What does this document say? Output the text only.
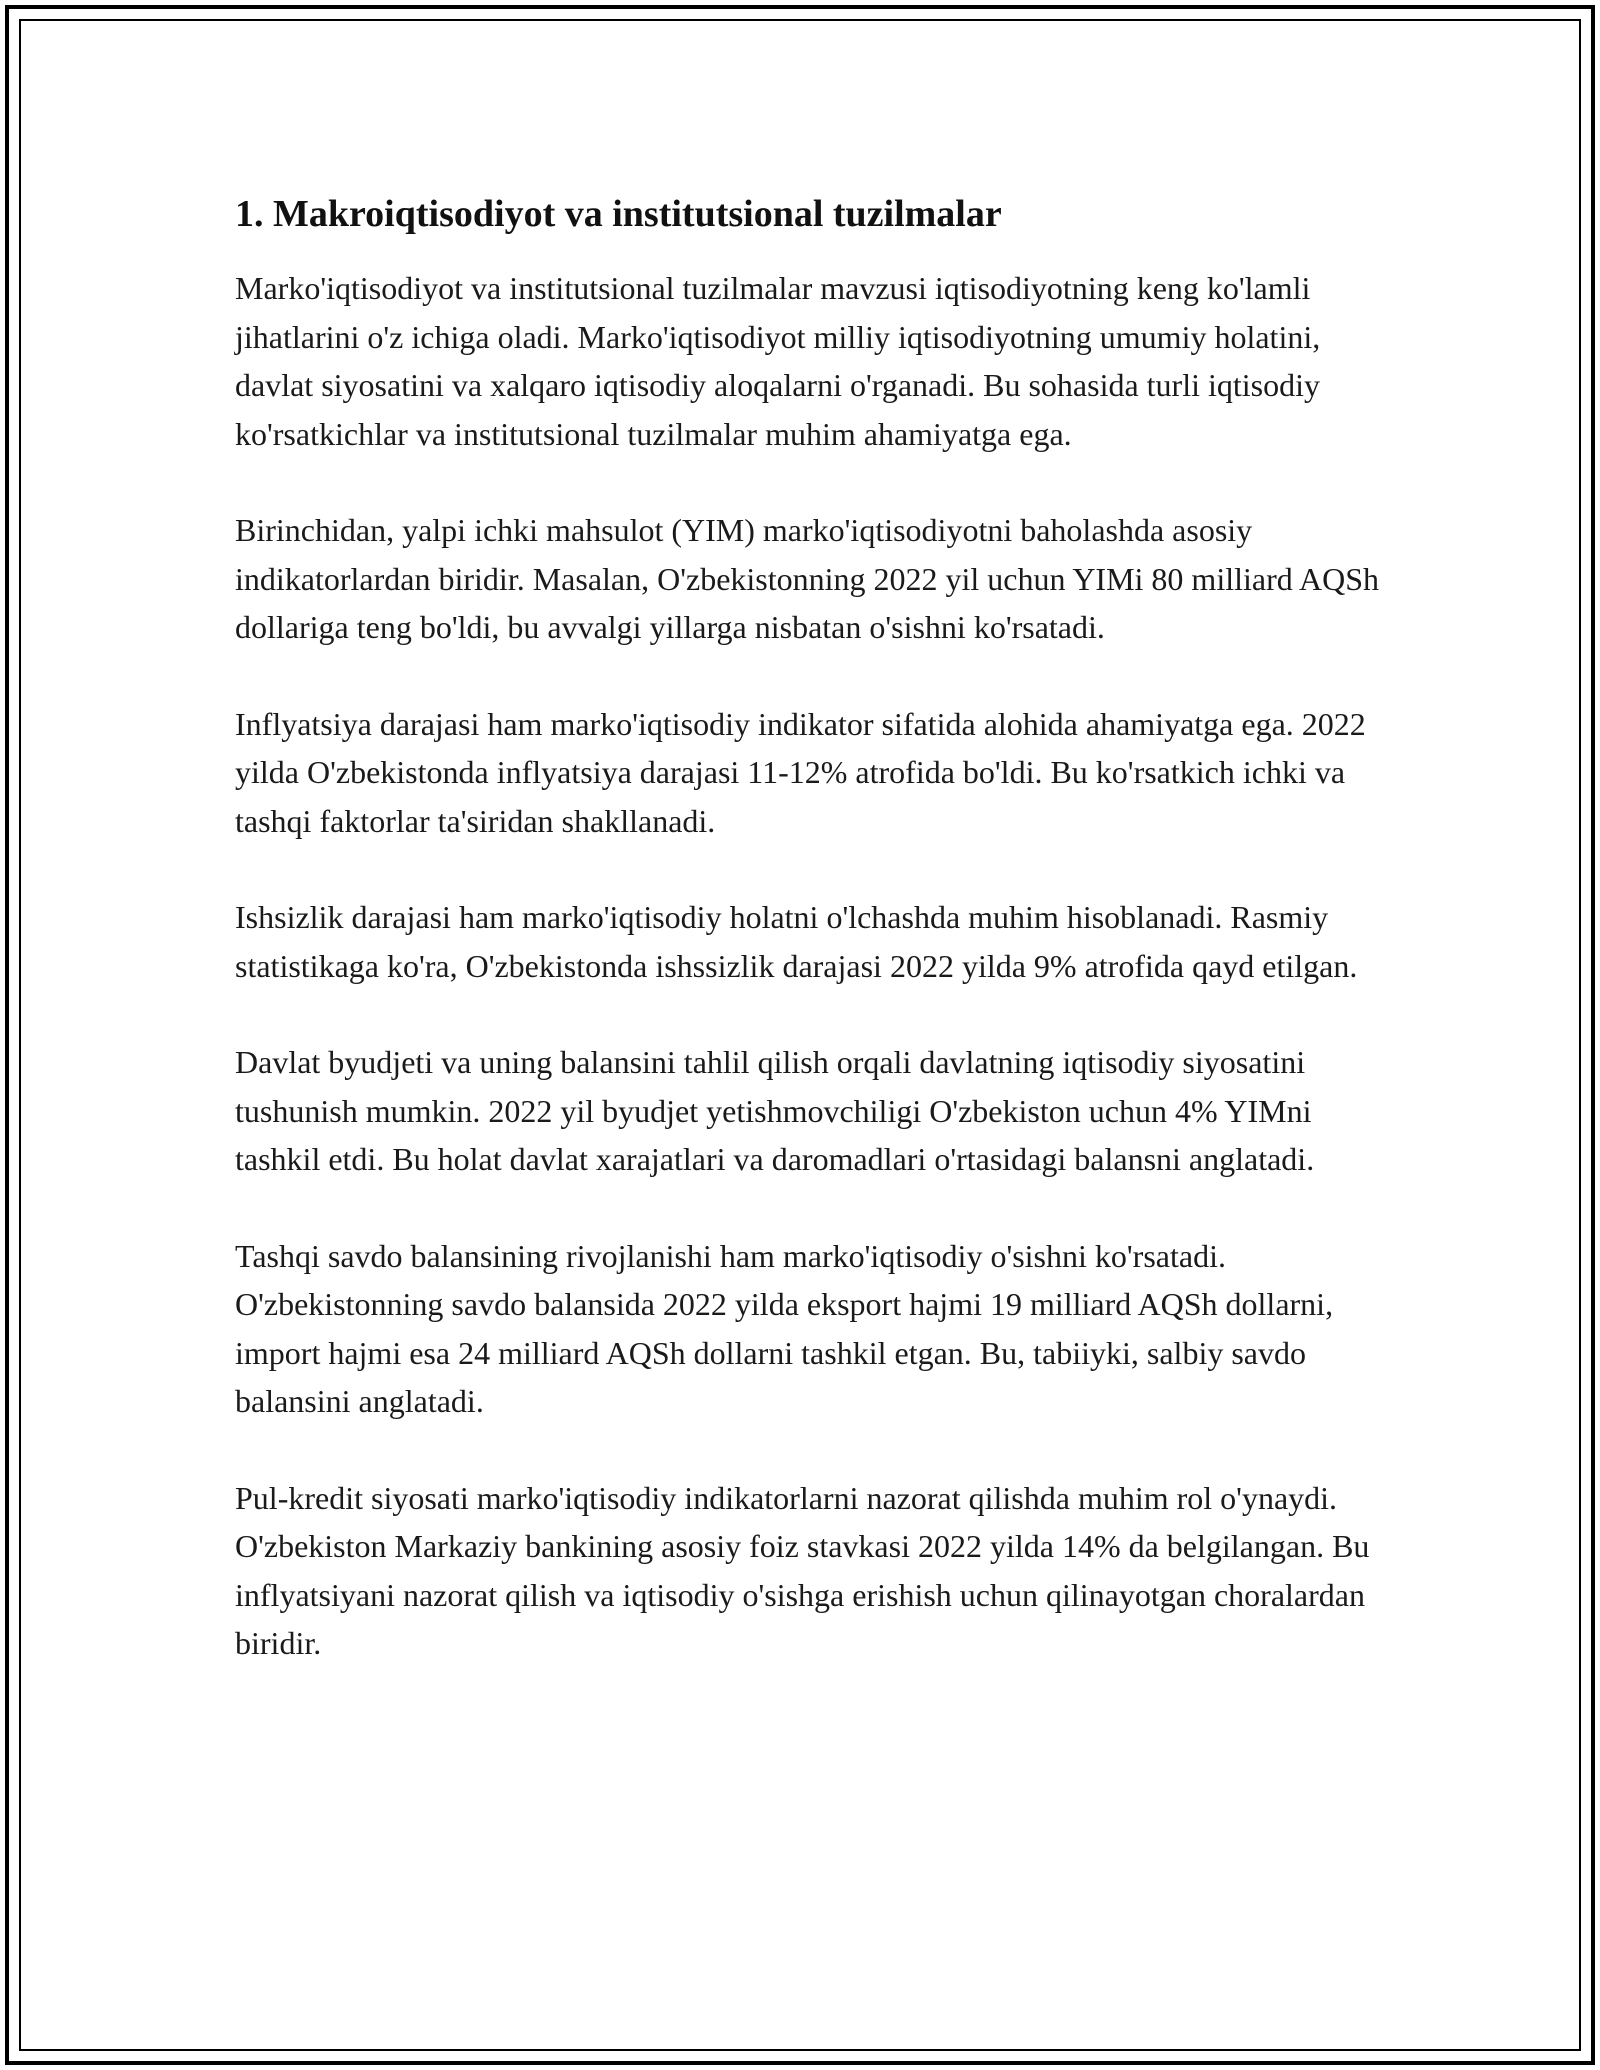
1. Makroiqtisodiyot va institutsional tuzilmalar

Marko'iqtisodiyot va institutsional tuzilmalar mavzusi iqtisodiyotning keng ko'lamli jihatlarini o'z ichiga oladi. Marko'iqtisodiyot milliy iqtisodiyotning umumiy holatini, davlat siyosatini va xalqaro iqtisodiy aloqalarni o'rganadi. Bu sohasida turli iqtisodiy ko'rsatkichlar va institutsional tuzilmalar muhim ahamiyatga ega.

Birinchidan, yalpi ichki mahsulot (YIM) marko'iqtisodiyotni baholashda asosiy indikatorlardan biridir. Masalan, O'zbekistonning 2022 yil uchun YIMi 80 milliard AQSh dollariga teng bo'ldi, bu avvalgi yillarga nisbatan o'sishni ko'rsatadi.

Inflyatsiya darajasi ham marko'iqtisodiy indikator sifatida alohida ahamiyatga ega. 2022 yilda O'zbekistonda inflyatsiya darajasi 11-12% atrofida bo'ldi. Bu ko'rsatkich ichki va tashqi faktorlar ta'siridan shakllanadi.

Ishsizlik darajasi ham marko'iqtisodiy holatni o'lchashda muhim hisoblanadi. Rasmiy statistikaga ko'ra, O'zbekistonda ishssizlik darajasi 2022 yilda 9% atrofida qayd etilgan.

Davlat byudjeti va uning balansini tahlil qilish orqali davlatning iqtisodiy siyosatini tushunish mumkin. 2022 yil byudjet yetishmovchiligi O'zbekiston uchun 4% YIMni tashkil etdi. Bu holat davlat xarajatlari va daromadlari o'rtasidagi balansni anglatadi.

Tashqi savdo balansining rivojlanishi ham marko'iqtisodiy o'sishni ko'rsatadi. O'zbekistonning savdo balansida 2022 yilda eksport hajmi 19 milliard AQSh dollarni, import hajmi esa 24 milliard AQSh dollarni tashkil etgan. Bu, tabiiyki, salbiy savdo balansini anglatadi.

Pul-kredit siyosati marko'iqtisodiy indikatorlarni nazorat qilishda muhim rol o'ynaydi. O'zbekiston Markaziy bankining asosiy foiz stavkasi 2022 yilda 14% da belgilangan. Bu inflyatsiyani nazorat qilish va iqtisodiy o'sishga erishish uchun qilinayotgan choralardan biridir.
